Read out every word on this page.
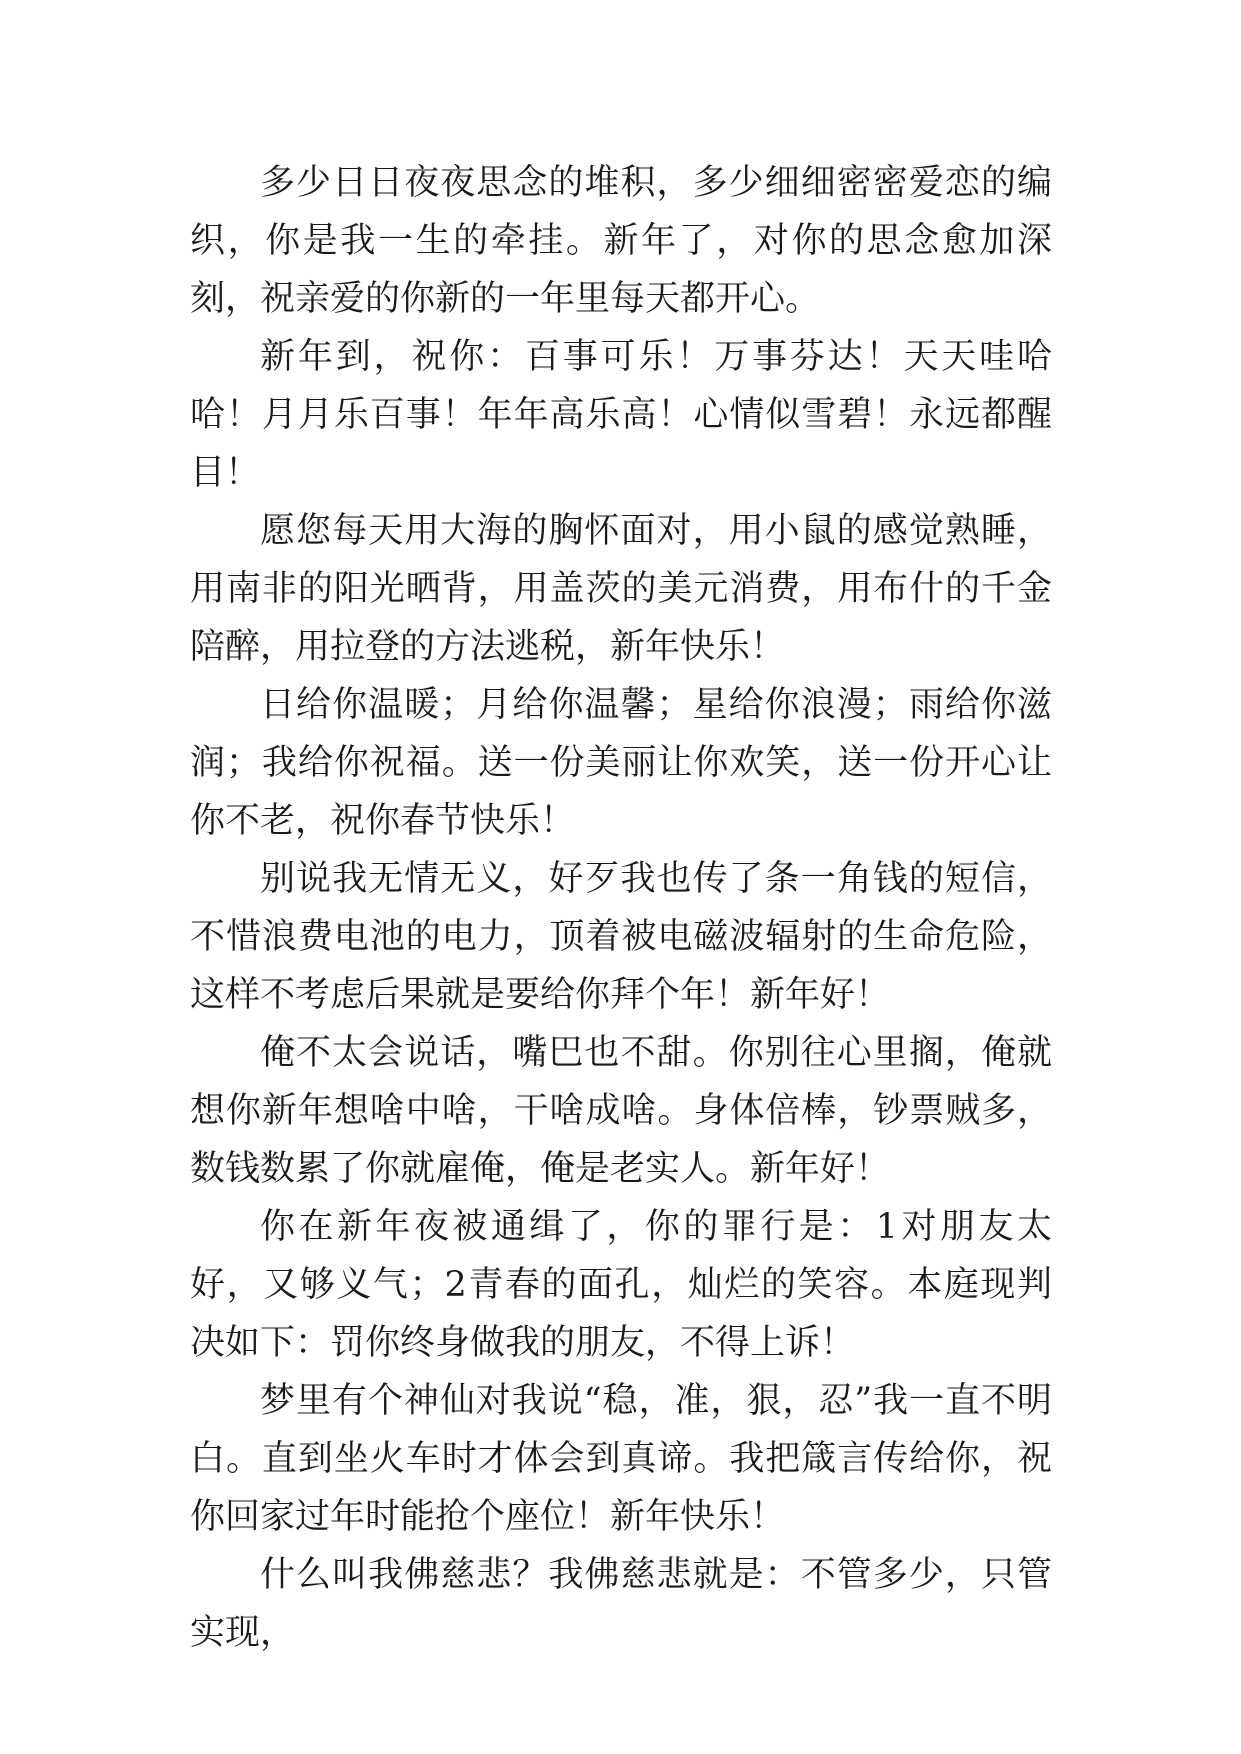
多少日日夜夜思念的堆积，多少细细密密爱恋的编织，你是我一生的牵挂。新年了，对你的思念愈加深刻，祝亲爱的你新的一年里每天都开心。

新年到，祝你：百事可乐！万事芬达！天天哇哈哈！月月乐百事！年年高乐高！心情似雪碧！永远都醒目！

愿您每天用大海的胸怀面对，用小鼠的感觉熟睡，用南非的阳光晒背，用盖茨的美元消费，用布什的千金陪醉，用拉登的方法逃税，新年快乐！

日给你温暖；月给你温馨；星给你浪漫；雨给你滋润；我给你祝福。送一份美丽让你欢笑，送一份开心让你不老，祝你春节快乐！

别说我无情无义，好歹我也传了条一角钱的短信，不惜浪费电池的电力，顶着被电磁波辐射的生命危险，这样不考虑后果就是要给你拜个年！新年好！

俺不太会说话，嘴巴也不甜。你别往心里搁，俺就想你新年想啥中啥，干啥成啥。身体倍棒，钞票贼多，数钱数累了你就雇俺，俺是老实人。新年好！

你在新年夜被通缉了，你的罪行是：1对朋友太好，又够义气；2青春的面孔，灿烂的笑容。本庭现判决如下：罚你终身做我的朋友，不得上诉！

梦里有个神仙对我说“稳，准，狠，忍”我一直不明白。直到坐火车时才体会到真谛。我把箴言传给你，祝你回家过年时能抢个座位！新年快乐！

什么叫我佛慈悲？我佛慈悲就是：不管多少，只管实现，
